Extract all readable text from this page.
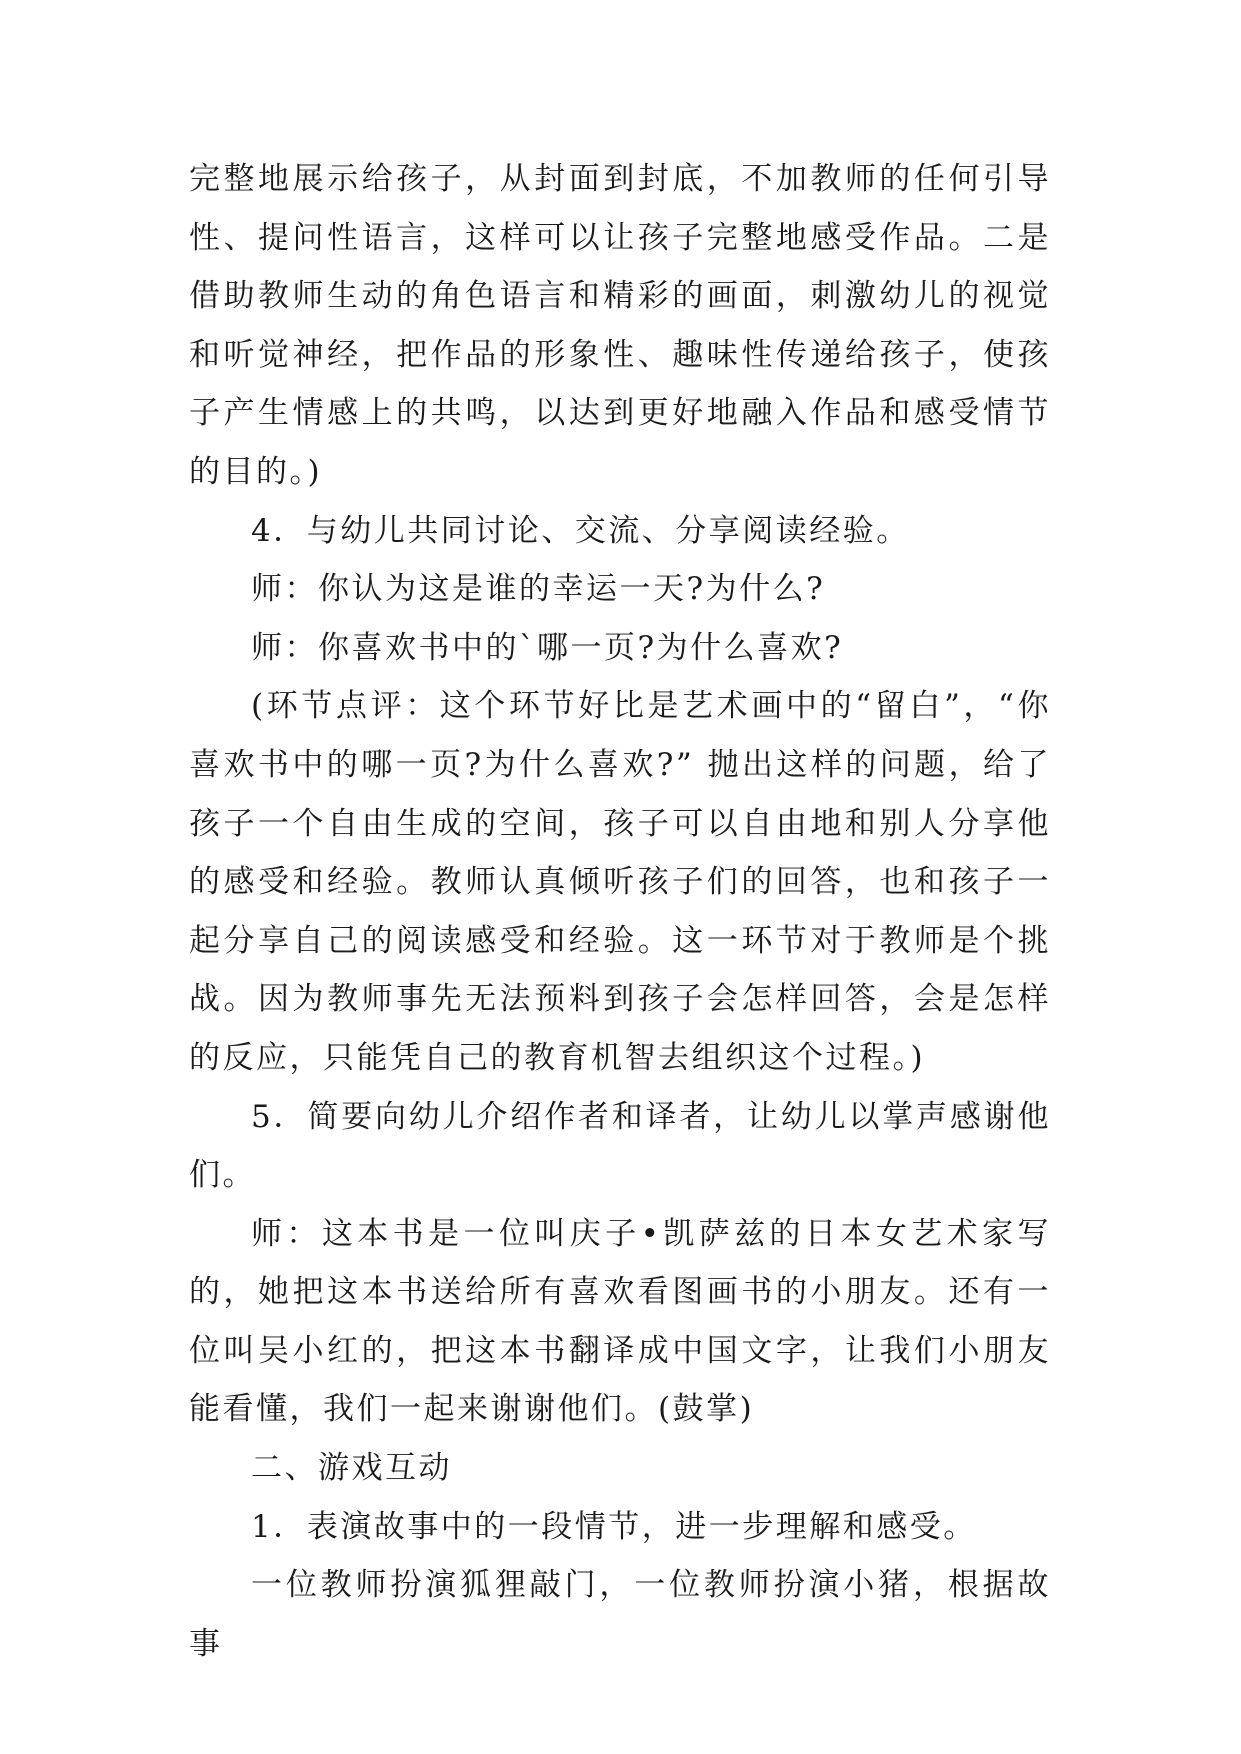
完整地展示给孩子，从封面到封底，不加教师的任何引导性、提问性语言，这样可以让孩子完整地感受作品。二是借助教师生动的角色语言和精彩的画面，刺激幼儿的视觉和听觉神经，把作品的形象性、趣味性传递给孩子，使孩子产生情感上的共鸣，以达到更好地融入作品和感受情节的目的。)

4．与幼儿共同讨论、交流、分享阅读经验。

师：你认为这是谁的幸运一天?为什么?

师：你喜欢书中的`哪一页?为什么喜欢?

(环节点评：这个环节好比是艺术画中的“留白”，“你喜欢书中的哪一页?为什么喜欢?” 抛出这样的问题，给了孩子一个自由生成的空间，孩子可以自由地和别人分享他的感受和经验。教师认真倾听孩子们的回答，也和孩子一起分享自己的阅读感受和经验。这一环节对于教师是个挑战。因为教师事先无法预料到孩子会怎样回答，会是怎样的反应，只能凭自己的教育机智去组织这个过程。)

5．简要向幼儿介绍作者和译者，让幼儿以掌声感谢他们。

师：这本书是一位叫庆子•凯萨兹的日本女艺术家写的，她把这本书送给所有喜欢看图画书的小朋友。还有一位叫吴小红的，把这本书翻译成中国文字，让我们小朋友能看懂，我们一起来谢谢他们。(鼓掌)

二、游戏互动

1．表演故事中的一段情节，进一步理解和感受。

一位教师扮演狐狸敲门，一位教师扮演小猪，根据故事
